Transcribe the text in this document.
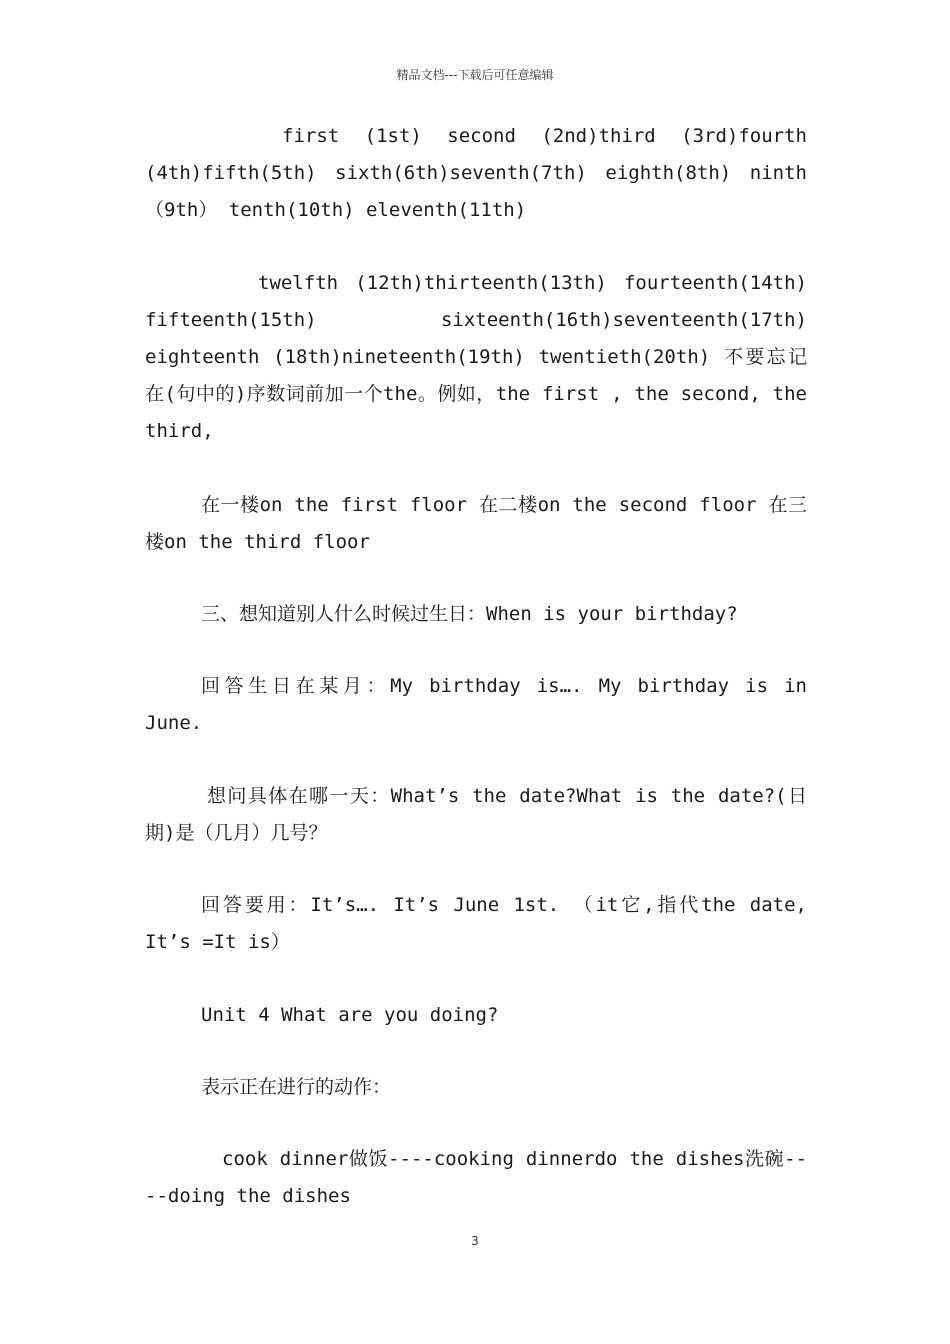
精品文档---下载后可任意编辑
first (1st) second (2nd)third (3rd)fourth (4th)fifth(5th) sixth(6th)seventh(7th) eighth(8th) ninth（9th） tenth(10th) eleventh(11th)
twelfth (12th)thirteenth(13th) fourteenth(14th) fifteenth(15th) sixteenth(16th)seventeenth(17th) eighteenth (18th)nineteenth(19th) twentieth(20th) 不要忘记在(句中的)序数词前加一个the。例如，the first , the second, the third,
在一楼on the first floor 在二楼on the second floor 在三楼on the third floor
三、想知道别人什么时候过生日：When is your birthday?
回答生日在某月：My birthday is…. My birthday is in June.
想问具体在哪一天：What’s the date?What is the date?(日期)是（几月）几号？
回答要用：It’s…. It’s June 1st. （it它,指代the date, It’s =It is）
Unit 4 What are you doing?
表示正在进行的动作：
cook dinner做饭----cooking dinnerdo the dishes洗碗----doing the dishes
3
